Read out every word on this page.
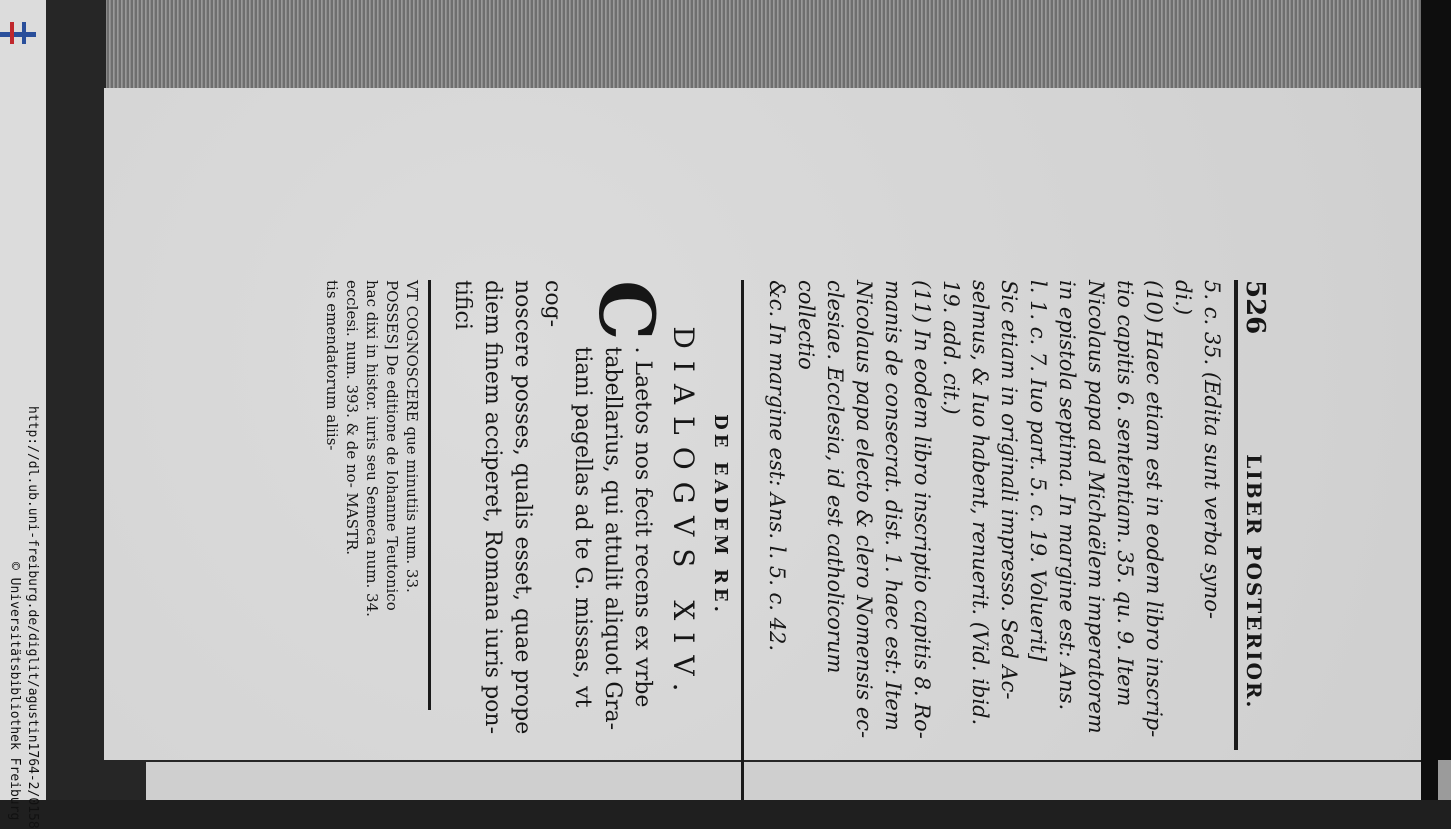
http://dl.ub.uni-freiburg.de/diglit/agustin1764-2/0158
© Universitätsbibliothek Freiburg
526
LIBER POSTERIOR.

5. c. 35. (Edita sunt verba syno-

di.)

(10) Haec etiam est in eodem libro inscrip-

tio capitis 6. sententiam. 35. qu. 9. Item

Nicolaus papa ad Michaëlem imperatorem

in epistola septima. In margine est: Ans.

l. 1. c. 7. Iuo part. 5. c. 19. Voluerit]

Sic etiam in originali impresso. Sed Ac-

selmus, & Iuo habent, renuerit. (Vid. ibid.

19. add. cit.)

(11) In eodem libro inscriptio capitis 8. Ro-

manis de consecrat. dist. 1. haec est: Item

Nicolaus papa electo & clero Nomensis ec-

clesiae. Ecclesia, id est catholicorum collectio

&c. In margine est: Ans. l. 5. c. 42.

DE EADEM RE.
DIALOGVS XIV.
C
. Laetos nos fecit recens ex vrbe
tabellarius, qui attulit aliquot Gra-
tiani pagellas ad te G. missas, vt cog-
noscere posses, qualis esset, quae prope
diem finem acciperet, Romana iuris pon-
tifici
VT COGNOSCERE que minutiis num. 33.
POSSES] De editione de Iohanne Teutonico
hac dixi in histor. iuris seu Semeca num. 34.
ecclesi. num. 393. & de no- MASTR.
tis emendatorum aliis-
